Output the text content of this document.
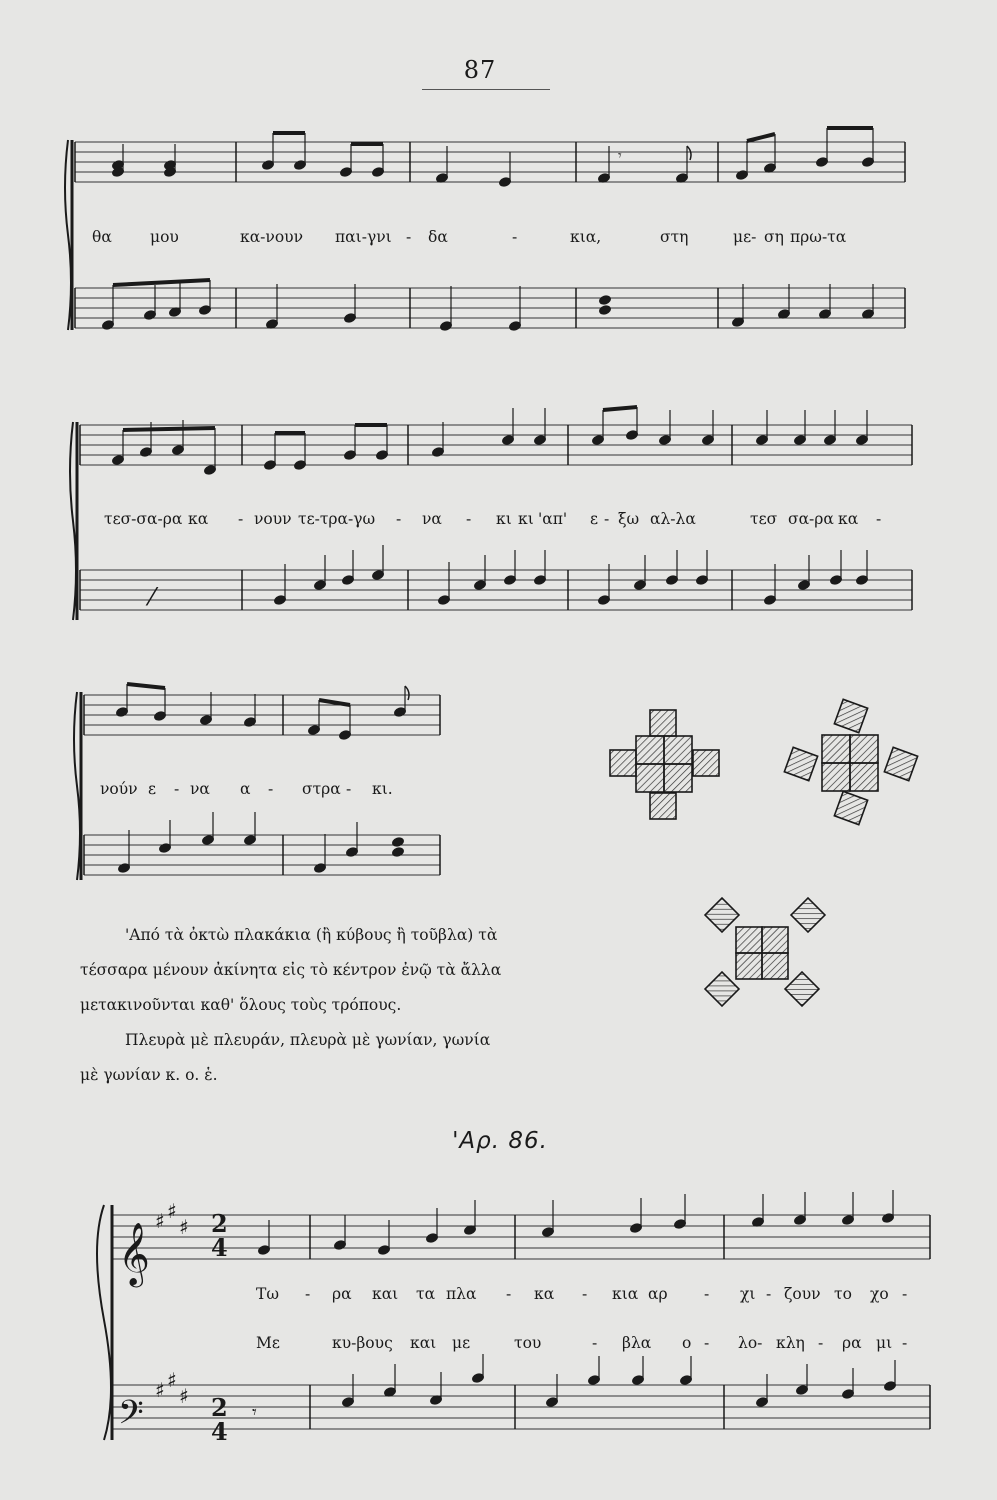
87
𝄾
θα μου	κα-νουν παι-γνι - δα	-	κια,	στη	με- ση πρω-τα
⁄
τεσ-σα-ρα κα - νουν τε-τρα-γω - να - κι κι 'απ' ε - ξω αλ-λα	τεσ σα-ρα κα -
νούν ε - να α - στρα - κι.

'Από τὰ ὀκτὼ πλακάκια (ἢ κύβους ἢ τοῦβλα) τὰ

τέσσαρα μένουν ἀκίνητα εἰς τὸ κέντρον ἐνῷ τὰ ἄλλα

μετακινοῦνται καθ' ὅλους τοὺς τρόπους.

Πλευρὰ μὲ πλευράν, πλευρὰ μὲ γωνίαν, γωνία

μὲ γωνίαν κ. ο. ἑ.

'Αρ. 86.
𝄞
𝄢
♯ ♯
♯
♯ ♯
♯
𝄾
2
4
2
4
Τω - ρα και τα πλα - κα - κια αρ - χι - ζουν το χο -
Με	κυ-βους και με	του	- βλα ο - λο- κλη - ρα μι -
